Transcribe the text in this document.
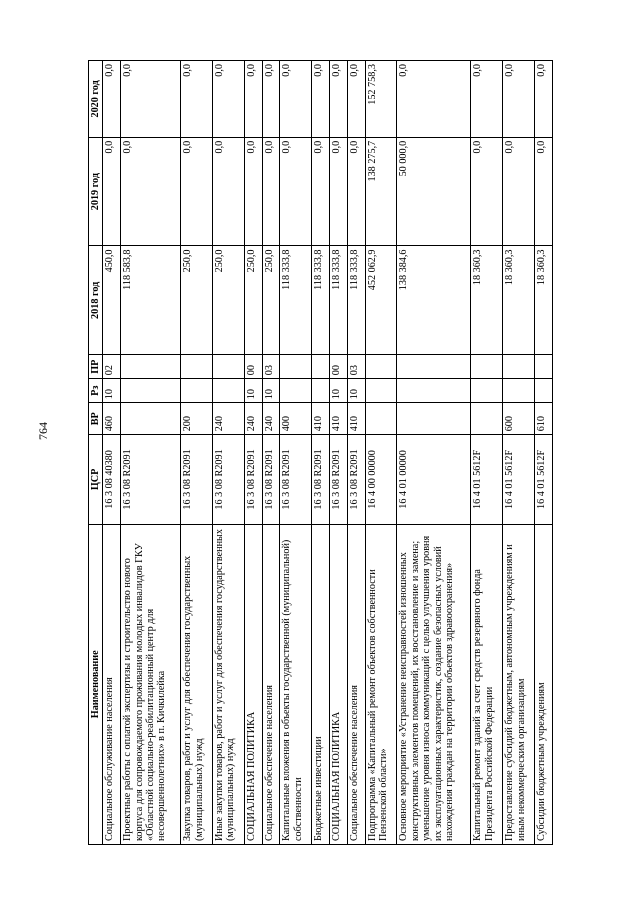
764
Наименование	ЦСР	ВР	Рз	ПР	2018 год	2019 год	2020 год
Социальное обслуживание населения	16 3 08 40380	460	10	02	450,0	0,0	0,0
Проектные работы с оплатой экспертизы и строительство нового корпуса для сопровождаемого проживания молодых инвалидов ГКУ «Областной социально-реабилитационный центр для несовершеннолетних» в п. Кичкилейка	16 3 08 R2091				118 583,8	0,0	0,0
Закупка товаров, работ и услуг для обеспечения государственных (муниципальных) нужд	16 3 08 R2091	200			250,0	0,0	0,0
Иные закупки товаров, работ и услуг для обеспечения государственных (муниципальных) нужд	16 3 08 R2091	240			250,0	0,0	0,0
СОЦИАЛЬНАЯ ПОЛИТИКА	16 3 08 R2091	240	10	00	250,0	0,0	0,0
Социальное обеспечение населения	16 3 08 R2091	240	10	03	250,0	0,0	0,0
Капитальные вложения в объекты государственной (муниципальной) собственности	16 3 08 R2091	400			118 333,8	0,0	0,0
Бюджетные инвестиции	16 3 08 R2091	410			118 333,8	0,0	0,0
СОЦИАЛЬНАЯ ПОЛИТИКА	16 3 08 R2091	410	10	00	118 333,8	0,0	0,0
Социальное обеспечение населения	16 3 08 R2091	410	10	03	118 333,8	0,0	0,0
Подпрограмма «Капитальный ремонт объектов собственности Пензенской области»	16 4 00 00000				452 062,9	138 275,7	152 758,3
Основное мероприятие «Устранение неисправностей изношенных конструктивных элементов помещений, их восстановление и замена; уменьшение уровня износа коммуникаций с целью улучшения уровня их эксплуатационных характеристик, создание безопасных условий нахождения граждан на территории объектов здравоохранения»	16 4 01 00000				138 384,6	50 000,0	0,0
Капитальный ремонт зданий за счет средств резервного фонда Президента Российской Федерации	16 4 01 5612F				18 360,3	0,0	0,0
Предоставление субсидий бюджетным, автономным учреждениям и иным некоммерческим организациям	16 4 01 5612F	600			18 360,3	0,0	0,0
Субсидии бюджетным учреждениям	16 4 01 5612F	610			18 360,3	0,0	0,0
